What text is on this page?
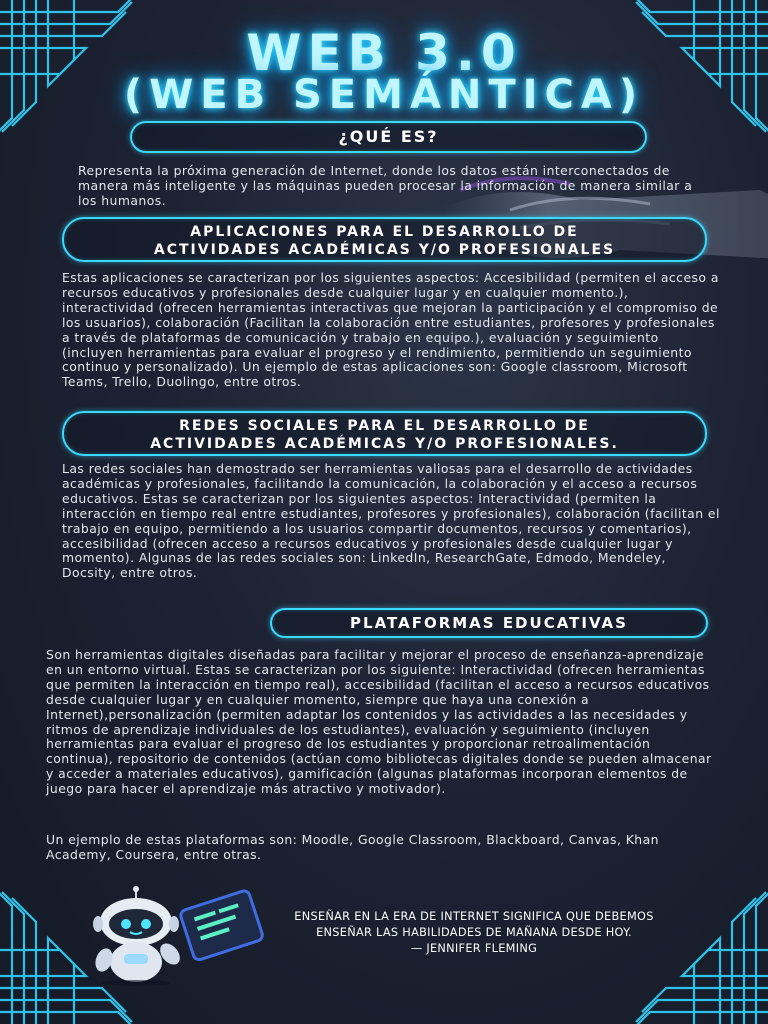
WEB 3.0
(WEB SEMÁNTICA)
¿QUÉ ES?

Representa la próxima generación de Internet, donde los datos están interconectados de manera más inteligente y las máquinas pueden procesar la información de manera similar a los humanos.

APLICACIONES PARA EL DESARROLLO DE
ACTIVIDADES ACADÉMICAS Y/O PROFESIONALES

Estas aplicaciones se caracterizan por los siguientes aspectos: Accesibilidad (permiten el acceso a recursos educativos y profesionales desde cualquier lugar y en cualquier momento.), interactividad (ofrecen herramientas interactivas que mejoran la participación y el compromiso de los usuarios), colaboración (Facilitan la colaboración entre estudiantes, profesores y profesionales a través de plataformas de comunicación y trabajo en equipo.), evaluación y seguimiento (incluyen herramientas para evaluar el progreso y el rendimiento, permitiendo un seguimiento continuo y personalizado). Un ejemplo de estas aplicaciones son: Google classroom, Microsoft Teams, Trello, Duolingo, entre otros.

REDES SOCIALES PARA EL DESARROLLO DE
ACTIVIDADES ACADÉMICAS Y/O PROFESIONALES.

Las redes sociales han demostrado ser herramientas valiosas para el desarrollo de actividades académicas y profesionales, facilitando la comunicación, la colaboración y el acceso a recursos educativos. Estas se caracterizan por los siguientes aspectos: Interactividad (permiten la interacción en tiempo real entre estudiantes, profesores y profesionales), colaboración (facilitan el trabajo en equipo, permitiendo a los usuarios compartir documentos, recursos y comentarios), accesibilidad (ofrecen acceso a recursos educativos y profesionales desde cualquier lugar y momento). Algunas de las redes sociales son: LinkedIn, ResearchGate, Edmodo, Mendeley, Docsity, entre otros.

PLATAFORMAS EDUCATIVAS

Son herramientas digitales diseñadas para facilitar y mejorar el proceso de enseñanza-aprendizaje en un entorno virtual. Estas se caracterizan por los siguiente: Interactividad (ofrecen herramientas que permiten la interacción en tiempo real), accesibilidad (facilitan el acceso a recursos educativos desde cualquier lugar y en cualquier momento, siempre que haya una conexión a Internet),personalización (permiten adaptar los contenidos y las actividades a las necesidades y ritmos de aprendizaje individuales de los estudiantes), evaluación y seguimiento (incluyen herramientas para evaluar el progreso de los estudiantes y proporcionar retroalimentación continua), repositorio de contenidos (actúan como bibliotecas digitales donde se pueden almacenar y acceder a materiales educativos), gamificación (algunas plataformas incorporan elementos de juego para hacer el aprendizaje más atractivo y motivador).

Un ejemplo de estas plataformas son: Moodle, Google Classroom, Blackboard, Canvas, Khan Academy, Coursera, entre otras.

ENSEÑAR EN LA ERA DE INTERNET SIGNIFICA QUE DEBEMOS
ENSEÑAR LAS HABILIDADES DE MAÑANA DESDE HOY.
— JENNIFER FLEMING
